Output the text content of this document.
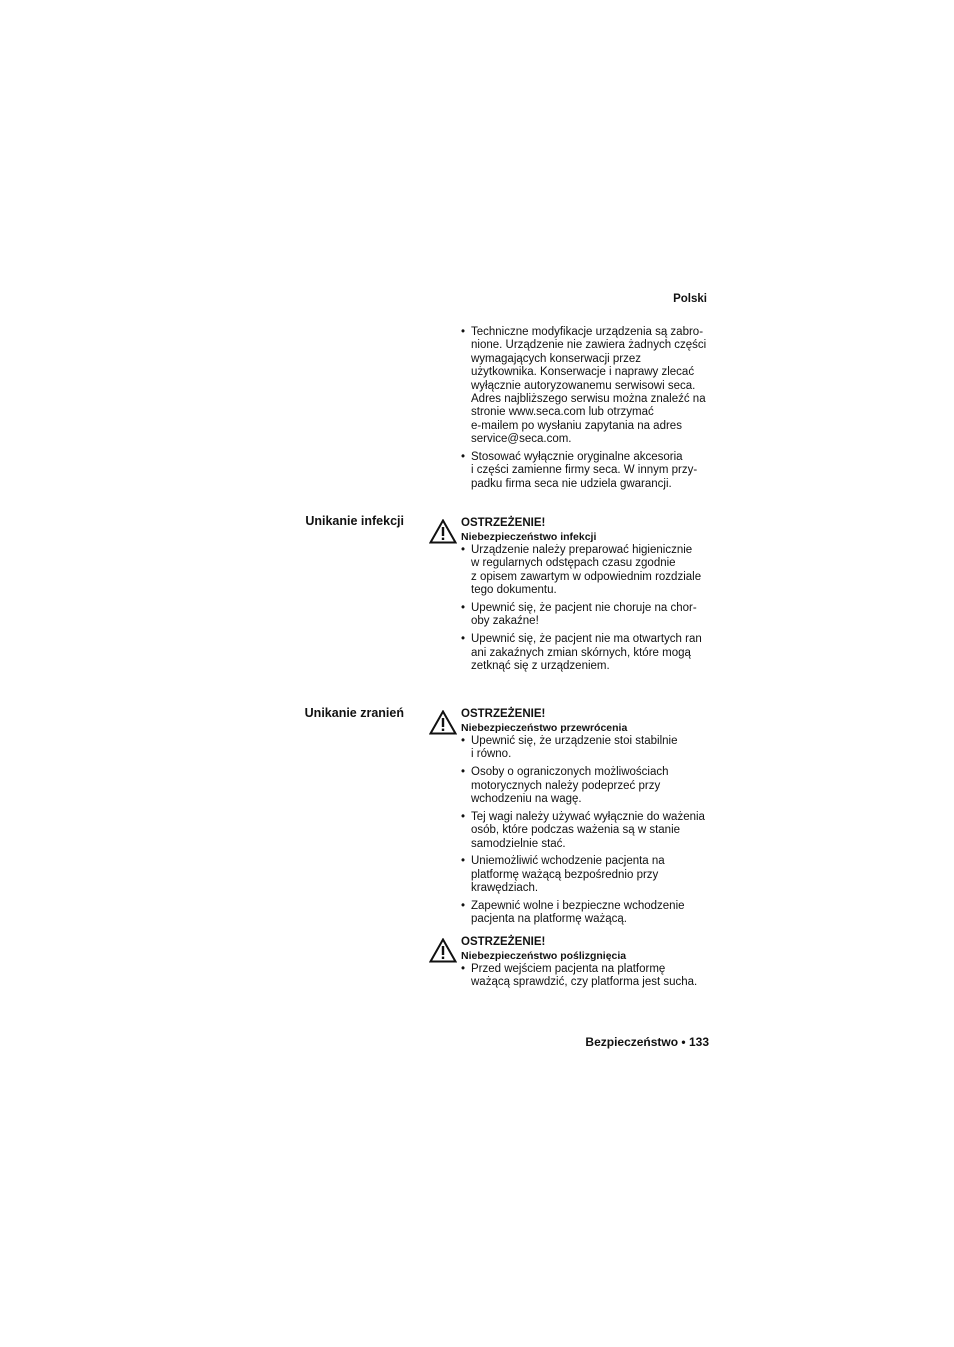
Polski
• Techniczne modyfikacje urządzenia są zabro-
nione. Urządzenie nie zawiera żadnych części
wymagających konserwacji przez
użytkownika. Konserwacje i naprawy zlecać
wyłącznie autoryzowanemu serwisowi seca.
Adres najbliższego serwisu można znaleźć na
stronie www.seca.com lub otrzymać
e-mailem po wysłaniu zapytania na adres
service@seca.com.
• Stosować wyłącznie oryginalne akcesoria
i części zamienne firmy seca. W innym przy-
padku firma seca nie udziela gwarancji.
Unikanie infekcji	OSTRZEŻENIE!
Niebezpieczeństwo infekcji
• Urządzenie należy preparować higienicznie
w regularnych odstępach czasu zgodnie
z opisem zawartym w odpowiednim rozdziale
tego dokumentu.
• Upewnić się, że pacjent nie choruje na chor-
oby zakaźne!
• Upewnić się, że pacjent nie ma otwartych ran
ani zakaźnych zmian skórnych, które mogą
zetknąć się z urządzeniem.
Unikanie zranień	OSTRZEŻENIE!
Niebezpieczeństwo przewrócenia
• Upewnić się, że urządzenie stoi stabilnie
i równo.
• Osoby o ograniczonych możliwościach
motorycznych należy podeprzeć przy
wchodzeniu na wagę.
• Tej wagi należy używać wyłącznie do ważenia
osób, które podczas ważenia są w stanie
samodzielnie stać.
• Uniemożliwić wchodzenie pacjenta na
platformę ważącą bezpośrednio przy
krawędziach.
• Zapewnić wolne i bezpieczne wchodzenie
pacjenta na platformę ważącą.
OSTRZEŻENIE!
Niebezpieczeństwo poślizgnięcia
• Przed wejściem pacjenta na platformę
ważącą sprawdzić, czy platforma jest sucha.
Bezpieczeństwo • 133
